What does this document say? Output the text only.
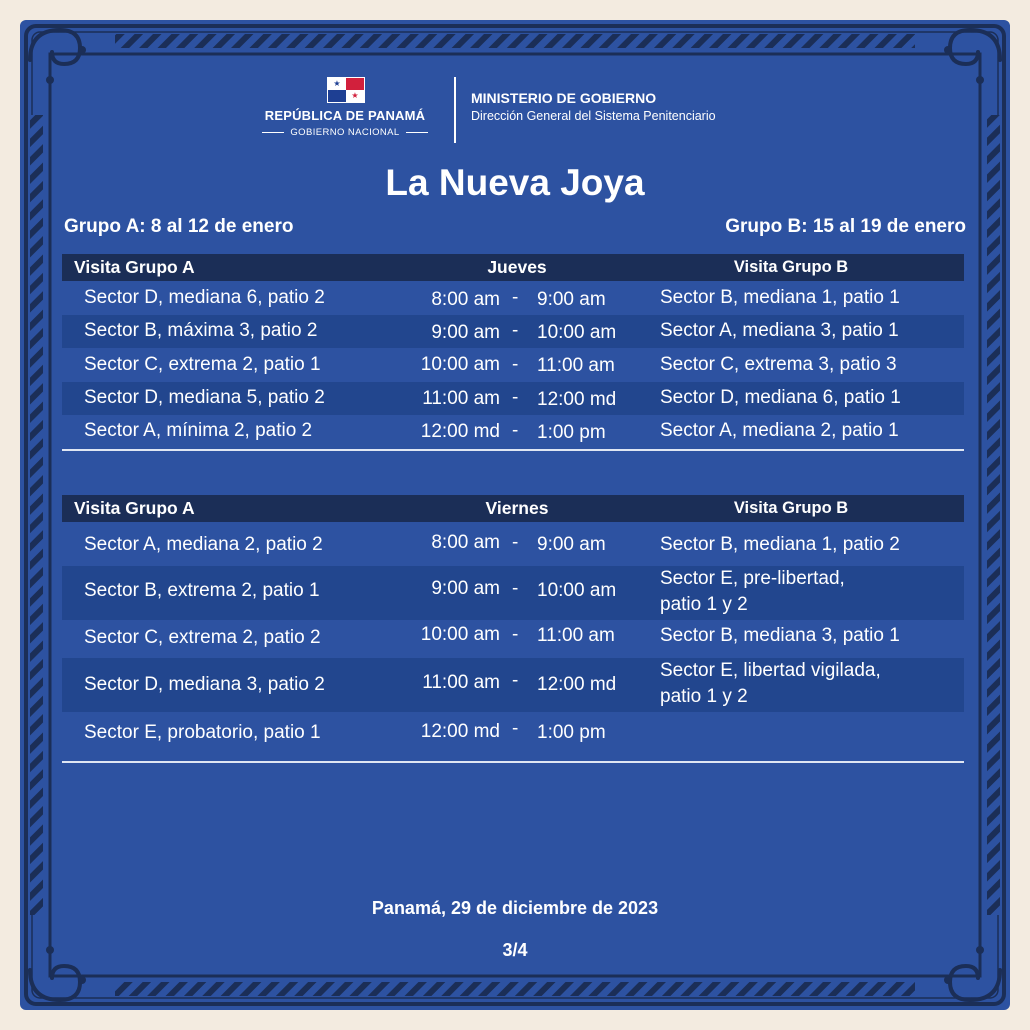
★
★
REPÚBLICA DE PANAMÁ
GOBIERNO NACIONAL
MINISTERIO DE GOBIERNO
Dirección General del Sistema Penitenciario
La Nueva Joya
Grupo A: 8 al 12 de enero	Grupo B: 15 al 19 de enero
Visita Grupo A	Jueves	Visita Grupo B
Sector D, mediana 6, patio 2	8:00 am - 9:00 am	Sector B, mediana 1, patio 1
Sector B, máxima 3, patio 2	9:00 am - 10:00 am Sector A, mediana 3, patio 1
Sector C, extrema 2, patio 1	10:00 am - 11:00 am Sector C, extrema 3, patio 3
Sector D, mediana 5, patio 2	11:00 am - 12:00 md Sector D, mediana 6, patio 1
Sector A, mínima 2, patio 2	12:00 md - 1:00 pm	Sector A, mediana 2, patio 1
Visita Grupo A	Viernes	Visita Grupo B
Sector A, mediana 2, patio 2	8:00 am - 9:00 am	Sector B, mediana 1, patio 2
Sector B, extrema 2, patio 1	9:00 am - 10:00 am
Sector E, pre-libertad,
patio 1 y 2
Sector C, extrema 2, patio 2	10:00 am - 11:00 am Sector B, mediana 3, patio 1
Sector D, mediana 3, patio 2	11:00 am - 12:00 md
Sector E, libertad vigilada,
patio 1 y 2
Sector E, probatorio, patio 1	12:00 md - 1:00 pm
Panamá, 29 de diciembre de 2023
3/4
